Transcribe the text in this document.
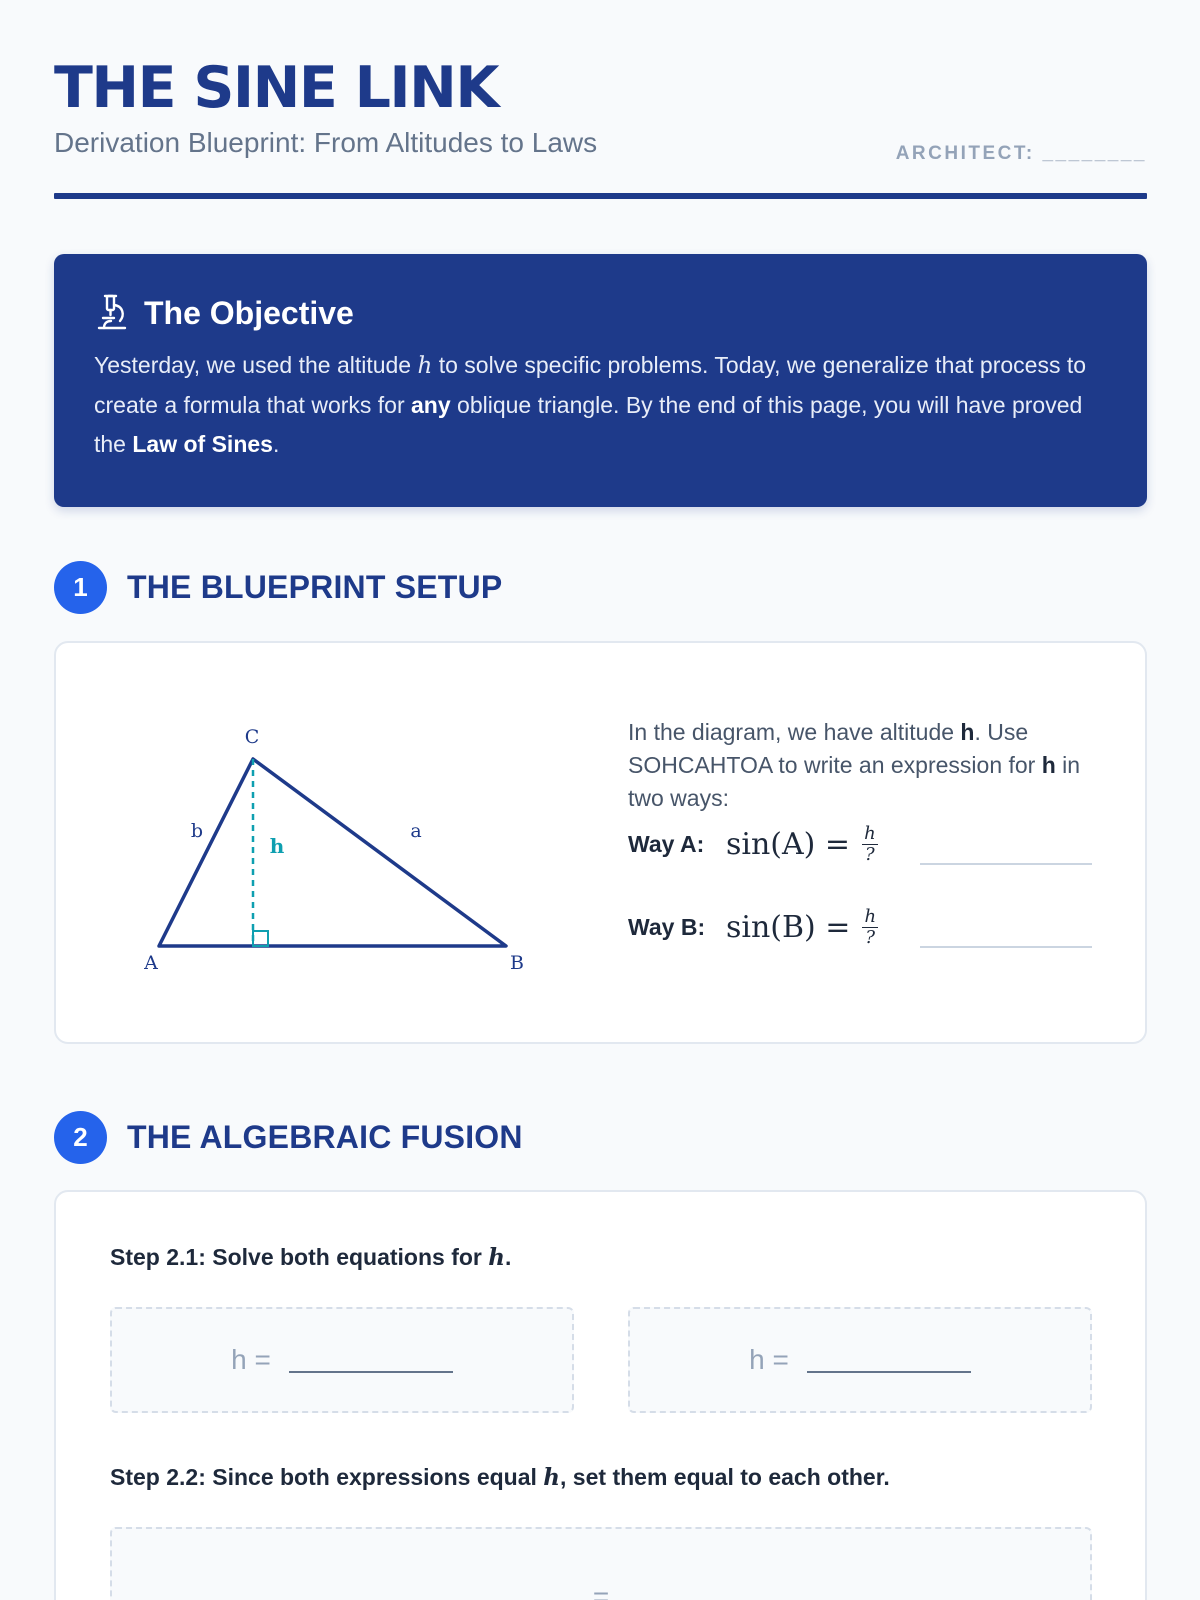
THE SINE LINK
Derivation Blueprint: From Altitudes to Laws	ARCHITECT: ________
The Objective
Yesterday, we used the altitude h to solve specific problems. Today, we generalize that process to create a formula that works for any oblique triangle. By the end of this page, you will have proved the Law of Sines.
1	THE BLUEPRINT SETUP
C
A	B
b	a
h
In the diagram, we have altitude h. Use SOHCAHTOA to write an expression for h in two ways:
Way A: $\sin(A) = \frac{h}{?}$
Way B: $\sin(B) = \frac{h}{?}$
2	THE ALGEBRAIC FUSION
Step 2.1: Solve both equations for h.
h =	h =
Step 2.2: Since both expressions equal h, set them equal to each other.
=
